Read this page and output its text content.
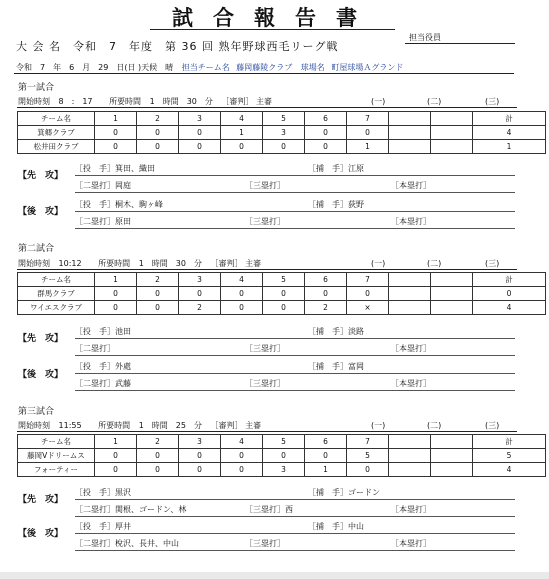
試合報告書
担当役員
大 会 名　令和　7　年度　第 36 回 熟年野球西毛リーグ戦
令和　7　年　6　月　29　日(日 )天候　晴 担当チーム名 藤岡藤陵クラブ 球場名 町屋球場Ａグランド
第一試合
開始時刻 8　:　17 所要時間 1　時間　30　分 ［審判］ 主審	(一)	(二)	(三)
チーム名	1	2	3	4	5	6	7			計
箕郷クラブ	0	0	0	1	3	0	0			4
松井田クラブ	0	0	0	0	0	0	1			1
【先　攻】
［投　手］箕田、織田	［捕　手］江原
［二塁打］岡庭	［三塁打］	［本塁打］
【後　攻】
［投　手］桐木、駒ヶ峰	［捕　手］荻野
［二塁打］原田	［三塁打］	［本塁打］
第二試合
開始時刻 10:12 所要時間 1　時間　30　分 ［審判］ 主審	(一)	(二)	(三)
チーム名	1	2	3	4	5	6	7			計
群馬クラブ	0	0	0	0	0	0	0			0
ワイエスクラブ	0	0	2	0	0	2	×			4
【先　攻】
［投　手］池田	［捕　手］淡路
［二塁打］	［三塁打］	［本塁打］
【後　攻】
［投　手］外處	［捕　手］富岡
［二塁打］武藤	［三塁打］	［本塁打］
第三試合
開始時刻 11:55 所要時間 1　時間　25　分 ［審判］ 主審	(一)	(二)	(三)
チーム名	1	2	3	4	5	6	7			計
藤岡Vドリームス	0	0	0	0	0	0	5			5
フォーティー	0	0	0	0	3	1	0			4
【先　攻】
［投　手］黒沢	［捕　手］ゴードン
［二塁打］関根、ゴードン、林	［三塁打］西	［本塁打］
【後　攻】
［投　手］厚井	［捕　手］中山
［二塁打］梲沢、長井、中山	［三塁打］	［本塁打］
